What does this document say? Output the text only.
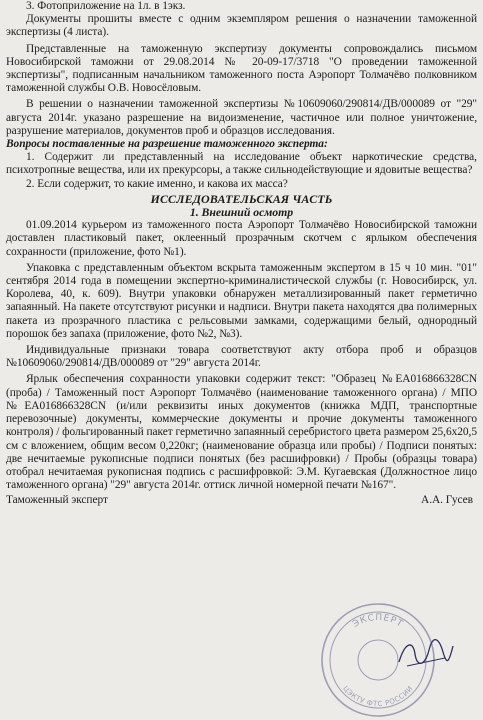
3. Фотоприложение на 1л. в 1экз.

Документы прошиты вместе с одним экземпляром решения о назначении таможенной экспертизы (4 листа).

Представленные на таможенную экспертизу документы сопровождались письмом Новосибирской таможни от 29.08.2014 № 20-09-17/3718 "О проведении таможенной экспертизы", подписанным начальником таможенного поста Аэропорт Толмачёво полковником таможенной службы О.В. Новосёловым.

В решении о назначении таможенной экспертизы №10609060/290814/ДВ/000089 от "29" августа 2014г. указано разрешение на видоизменение, частичное или полное уничтожение, разрушение материалов, документов проб и образцов исследования.

Вопросы поставленные на разрешение таможенного эксперта:

1. Содержит ли представленный на исследование объект наркотические средства, психотропные вещества, или их прекурсоры, а также сильнодействующие и ядовитые вещества?

2. Если содержит, то какие именно, и какова их масса?

ИССЛЕДОВАТЕЛЬСКАЯ ЧАСТЬ
1. Внешний осмотр

01.09.2014 курьером из таможенного поста Аэропорт Толмачёво Новосибирской таможни доставлен пластиковый пакет, оклеенный прозрачным скотчем с ярлыком обеспечения сохранности (приложение, фото №1).

Упаковка с представленным объектом вскрыта таможенным экспертом в 15 ч 10 мин. "01" сентября 2014 года в помещении экспертно-криминалистической службы (г. Новосибирск, ул. Королева, 40, к. 609). Внутри упаковки обнаружен металлизированный пакет герметично запаянный. На пакете отсутствуют рисунки и надписи. Внутри пакета находятся два полимерных пакета из прозрачного пластика с рельсовыми замками, содержащими белый, однородный порошок без запаха (приложение, фото №2, №3).

Индивидуальные признаки товара соответствуют акту отбора проб и образцов №10609060/290814/ДВ/000089 от "29" августа 2014г.

Ярлык обеспечения сохранности упаковки содержит текст: "Образец №EA016866328CN (проба) / Таможенный пост Аэропорт Толмачёво (наименование таможенного органа) / МПО №EA016866328CN (и/или реквизиты иных документов (книжка МДП, транспортные перевозочные) документы, коммерческие документы и прочие документы таможенного контроля) / фольгированный пакет герметично запаянный серебристого цвета размером 25,6х20,5 см с вложением, общим весом 0,220кг; (наименование образца или пробы) / Подписи понятых: две нечитаемые рукописные подписи понятых (без расшифровки) / Пробы (образцы товара) отобрал нечитаемая рукописная подпись с расшифровкой: Э.М. Кугаевская (Должностное лицо таможенного органа) "29" августа 2014г. оттиск личной номерной печати №167".

Таможенный эксперт	А.А. Гусев
ЭКСПЕРТ
ЦЭКТУ ФТС РОССИИ
